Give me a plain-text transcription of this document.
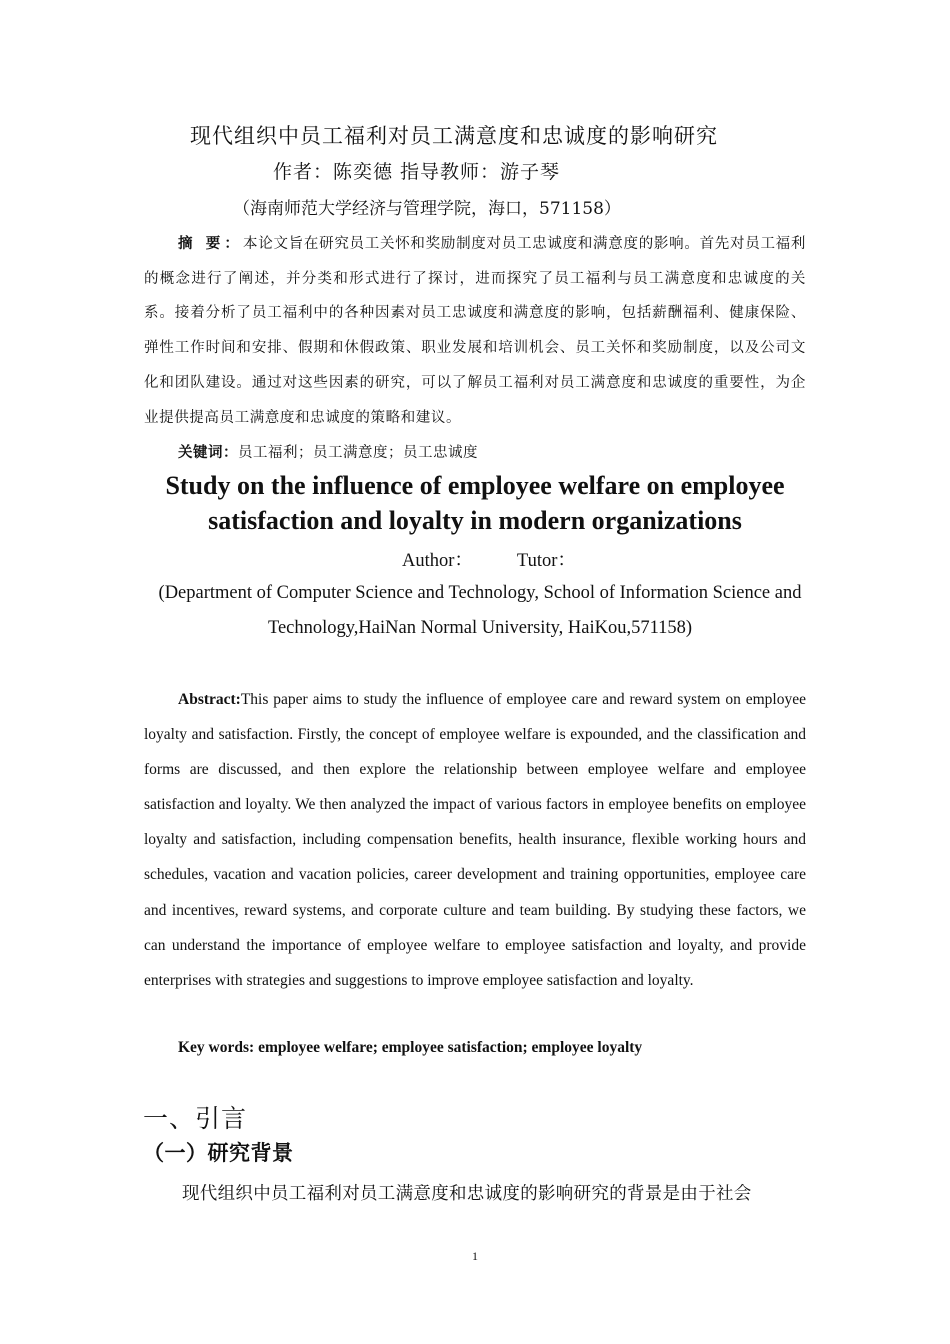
现代组织中员工福利对员工满意度和忠诚度的影响研究
作者：陈奕德 指导教师：游子琴
（海南师范大学经济与管理学院，海口，571158）
摘 要：本论文旨在研究员工关怀和奖励制度对员工忠诚度和满意度的影响。首先对员工福利的概念进行了阐述，并分类和形式进行了探讨，进而探究了员工福利与员工满意度和忠诚度的关系。接着分析了员工福利中的各种因素对员工忠诚度和满意度的影响，包括薪酬福利、健康保险、弹性工作时间和安排、假期和休假政策、职业发展和培训机会、员工关怀和奖励制度，以及公司文化和团队建设。通过对这些因素的研究，可以了解员工福利对员工满意度和忠诚度的重要性，为企业提供提高员工满意度和忠诚度的策略和建议。
关键词：员工福利；员工满意度；员工忠诚度
Study on the influence of employee welfare on employee satisfaction and loyalty in modern organizations
Author： Tutor：
(Department of Computer Science and Technology, School of Information Science and Technology,HaiNan Normal University, HaiKou,571158)
Abstract:This paper aims to study the influence of employee care and reward system on employee loyalty and satisfaction. Firstly, the concept of employee welfare is expounded, and the classification and forms are discussed, and then explore the relationship between employee welfare and employee satisfaction and loyalty. We then analyzed the impact of various factors in employee benefits on employee loyalty and satisfaction, including compensation benefits, health insurance, flexible working hours and schedules, vacation and vacation policies, career development and training opportunities, employee care and incentives, reward systems, and corporate culture and team building. By studying these factors, we can understand the importance of employee welfare to employee satisfaction and loyalty, and provide enterprises with strategies and suggestions to improve employee satisfaction and loyalty.
Key words: employee welfare; employee satisfaction; employee loyalty
一、引言
（一）研究背景
现代组织中员工福利对员工满意度和忠诚度的影响研究的背景是由于社会
1
